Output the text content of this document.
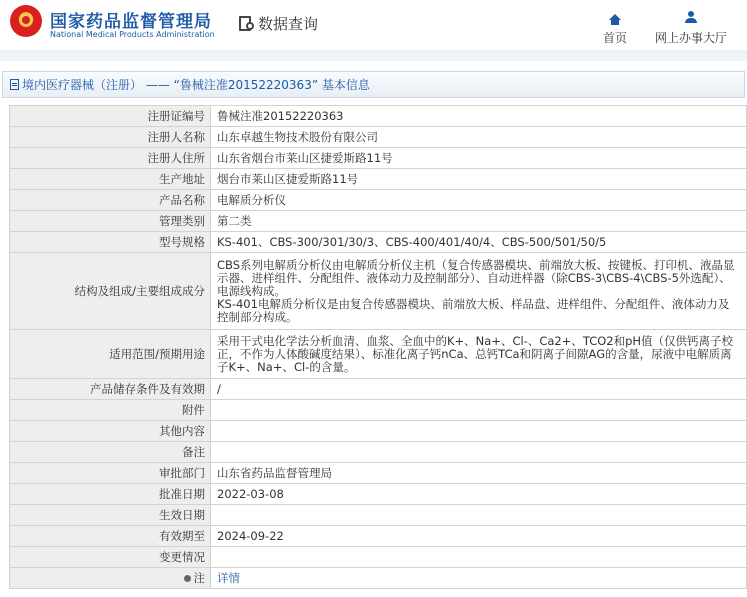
国家药品监督管理局
National Medical Products Administration
数据查询
首页	网上办事大厅
境内医疗器械（注册） —— “鲁械注准20152220363” 基本信息
注册证编号	鲁械注准20152220363
注册人名称	山东卓越生物技术股份有限公司
注册人住所	山东省烟台市莱山区捷爱斯路11号
生产地址	烟台市莱山区捷爱斯路11号
产品名称	电解质分析仪
管理类别	第二类
型号规格	KS-401、CBS-300/301/30/3、CBS-400/401/40/4、CBS-500/501/50/5
结构及组成/主要组成成分	CBS系列电解质分析仪由电解质分析仪主机（复合传感器模块、前端放大板、按键板、打印机、液晶显示器、进样组件、分配组件、液体动力及控制部分）、自动进样器（除CBS-3\CBS-4\CBS-5外选配）、电源线构成。
KS-401电解质分析仪是由复合传感器模块、前端放大板、样品盘、进样组件、分配组件、液体动力及控制部分构成。

适用范围/预期用途	采用干式电化学法分析血清、血浆、全血中的K+、Na+、Cl-、Ca2+、TCO2和pH值（仅供钙离子校正，不作为人体酸碱度结果）、标准化离子钙nCa、总钙TCa和阴离子间隙AG的含量，尿液中电解质离子K+、Na+、Cl-的含量。
产品储存条件及有效期	/
附件	
其他内容	
备注	
审批部门	山东省药品监督管理局
批准日期	2022-03-08
生效日期	
有效期至	2024-09-22
变更情况	
注	详情
